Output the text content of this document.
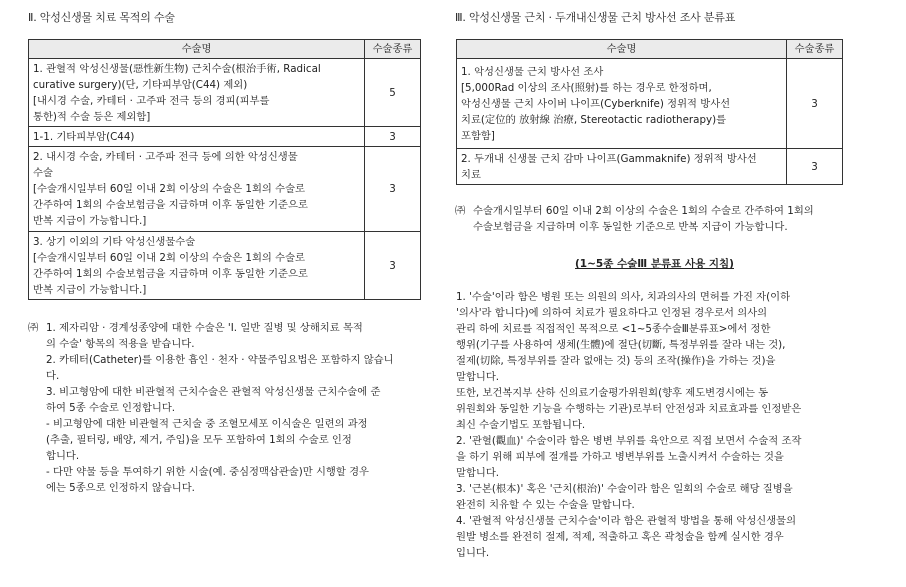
Ⅱ. 악성신생물 치료 목적의 수술
수술명	수술종류

1. 관혈적 악성신생물(惡性新生物) 근치수술(根治手術, Radical
curative surgery)(단, 기타피부암(C44) 제외)
[내시경 수술, 카테터 · 고주파 전극 등의 경피(피부를
통한)적 수술 등은 제외함]	5

1-1. 기타피부암(C44)	3

2. 내시경 수술, 카테터 · 고주파 전극 등에 의한 악성신생물
수술
[수술개시일부터 60일 이내 2회 이상의 수술은 1회의 수술로
간주하여 1회의 수술보험금을 지급하며 이후 동일한 기준으로
반복 지급이 가능합니다.]	3

3. 상기 이외의 기타 악성신생물수술
[수술개시일부터 60일 이내 2회 이상의 수술은 1회의 수술로
간주하여 1회의 수술보험금을 지급하며 이후 동일한 기준으로
반복 지급이 가능합니다.]	3
㈜ 1. 제자리암 · 경계성종양에 대한 수술은 'Ⅰ. 일반 질병 및 상해치료 목적
의 수술' 항목의 적용을 받습니다.
2. 카테터(Catheter)를 이용한 흡인 · 천자 · 약물주입요법은 포함하지 않습니
다.
3. 비고형암에 대한 비관혈적 근치수술은 관혈적 악성신생물 근치수술에 준
하여 5종 수술로 인정합니다.
- 비고형암에 대한 비관혈적 근치술 중 조혈모세포 이식술은 일련의 과정
(추출, 필터링, 배양, 제거, 주입)을 모두 포함하여 1회의 수술로 인정
합니다.
- 다만 약물 등을 투여하기 위한 시술(예. 중심정맥삽관술)만 시행할 경우
에는 5종으로 인정하지 않습니다.
Ⅲ. 악성신생물 근치 · 두개내신생물 근치 방사선 조사 분류표
수술명	수술종류

1. 악성신생물 근치 방사선 조사
[5,000Rad 이상의 조사(照射)를 하는 경우로 한정하며,
악성신생물 근치 사이버 나이프(Cyberknife) 정위적 방사선
치료(定位的 放射線 治療, Stereotactic radiotherapy)를
포함함]	3

2. 두개내 신생물 근치 감마 나이프(Gammaknife) 정위적 방사선
치료	3
㈜ 수술개시일부터 60일 이내 2회 이상의 수술은 1회의 수술로 간주하여 1회의
수술보험금을 지급하며 이후 동일한 기준으로 반복 지급이 가능합니다.
(1~5종 수술Ⅲ 분류표 사용 지침)
1. '수술'이라 함은 병원 또는 의원의 의사, 치과의사의 면허를 가진 자(이하
'의사'라 합니다)에 의하여 치료가 필요하다고 인정된 경우로서 의사의
관리 하에 치료를 직접적인 목적으로 <1~5종수술Ⅲ분류표>에서 정한
행위(기구를 사용하여 생체(生體)에 절단(切斷, 특정부위를 잘라 내는 것),
절제(切除, 특정부위를 잘라 없애는 것) 등의 조작(操作)을 가하는 것)을
말합니다.
또한, 보건복지부 산하 신의료기술평가위원회(향후 제도변경시에는 동
위원회와 동일한 기능을 수행하는 기관)로부터 안전성과 치료효과를 인정받은
최신 수술기법도 포함됩니다.
2. '관혈(觀血)' 수술이라 함은 병변 부위를 육안으로 직접 보면서 수술적 조작
을 하기 위해 피부에 절개를 가하고 병변부위를 노출시켜서 수술하는 것을
말합니다.
3. '근본(根本)' 혹은 '근치(根治)' 수술이라 함은 일회의 수술로 해당 질병을
완전히 치유할 수 있는 수술을 말합니다.
4. '관혈적 악성신생물 근치수술'이라 함은 관혈적 방법을 통해 악성신생물의
원발 병소를 완전히 절제, 적제, 적출하고 혹은 곽청술을 함께 실시한 경우
입니다.
